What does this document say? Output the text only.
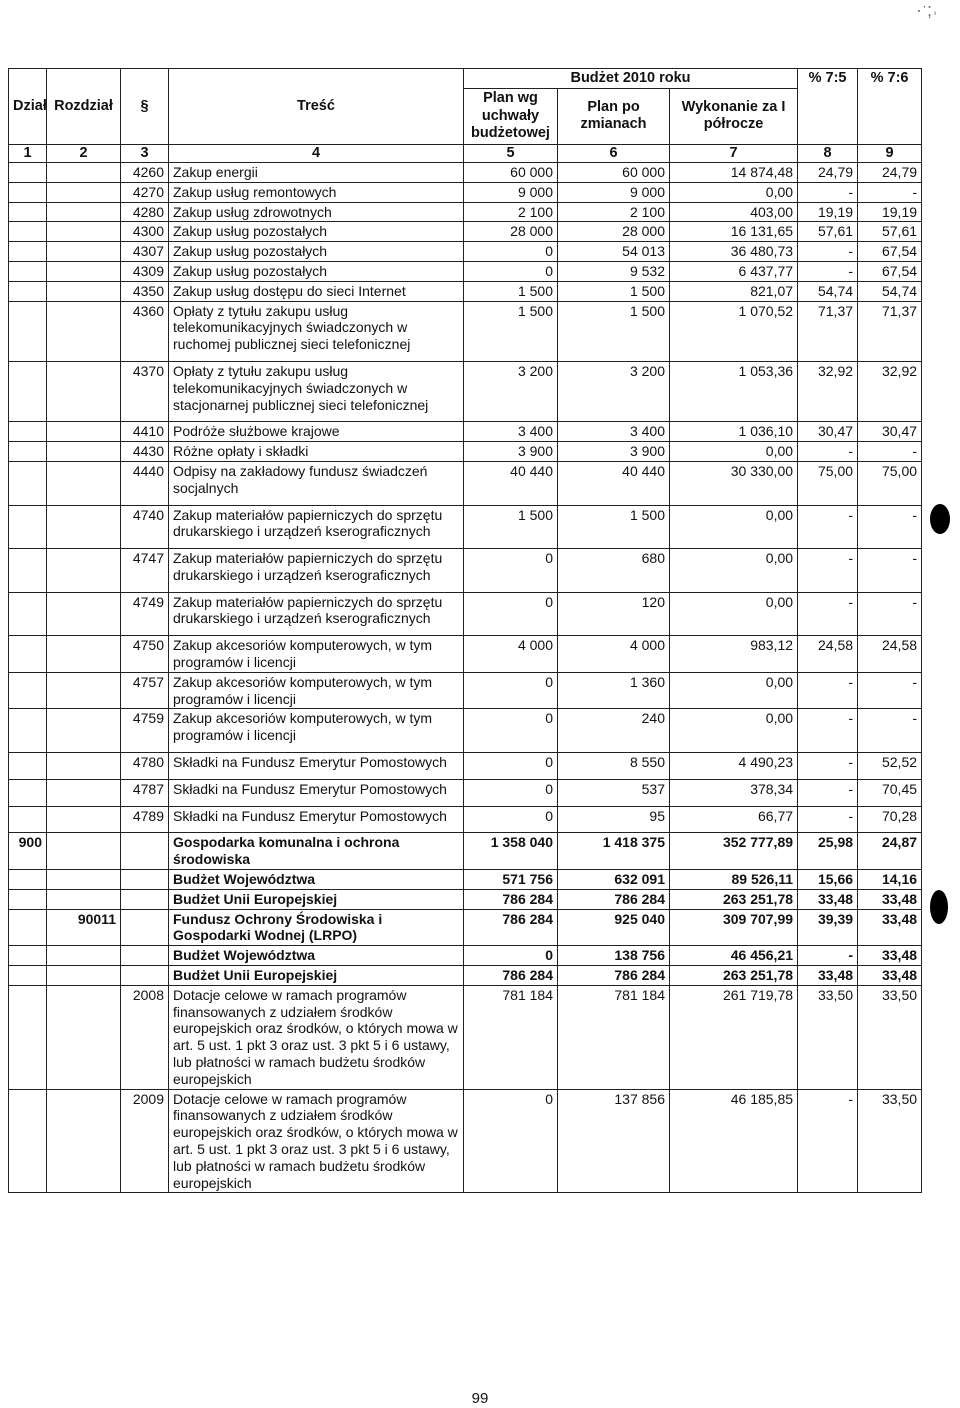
·ˑ;˒
Dział	Rozdział	§	Treść	Budżet 2010 roku			% 7:5	% 7:6
				Plan wg uchwały budżetowej	Plan po zmianach	Wykonanie za I półrocze		
1	2	3	4	5	6	7	8	9
		4260	Zakup energii	60 000	60 000	14 874,48	24,79	24,79
		4270	Zakup usług remontowych	9 000	9 000	0,00	-	-
		4280	Zakup usług zdrowotnych	2 100	2 100	403,00	19,19	19,19
		4300	Zakup usług pozostałych	28 000	28 000	16 131,65	57,61	57,61
		4307	Zakup usług pozostałych	0	54 013	36 480,73	-	67,54
		4309	Zakup usług pozostałych	0	9 532	6 437,77	-	67,54
		4350	Zakup usług dostępu do sieci Internet	1 500	1 500	821,07	54,74	54,74
		4360	Opłaty z tytułu zakupu usług telekomunikacyjnych świadczonych w ruchomej publicznej sieci telefonicznej	1 500	1 500	1 070,52	71,37	71,37
		4370	Opłaty z tytułu zakupu usług telekomunikacyjnych świadczonych w stacjonarnej publicznej sieci telefonicznej	3 200	3 200	1 053,36	32,92	32,92
		4410	Podróże służbowe krajowe	3 400	3 400	1 036,10	30,47	30,47
		4430	Różne opłaty i składki	3 900	3 900	0,00	-	-
		4440	Odpisy na zakładowy fundusz świadczeń socjalnych	40 440	40 440	30 330,00	75,00	75,00
		4740	Zakup materiałów papierniczych do sprzętu drukarskiego i urządzeń kserograficznych	1 500	1 500	0,00	-	-
		4747	Zakup materiałów papierniczych do sprzętu drukarskiego i urządzeń kserograficznych	0	680	0,00	-	-
		4749	Zakup materiałów papierniczych do sprzętu drukarskiego i urządzeń kserograficznych	0	120	0,00	-	-
		4750	Zakup akcesoriów komputerowych, w tym programów i licencji	4 000	4 000	983,12	24,58	24,58
		4757	Zakup akcesoriów komputerowych, w tym programów i licencji	0	1 360	0,00	-	-
		4759	Zakup akcesoriów komputerowych, w tym programów i licencji	0	240	0,00	-	-
		4780	Składki na Fundusz Emerytur Pomostowych	0	8 550	4 490,23	-	52,52
		4787	Składki na Fundusz Emerytur Pomostowych	0	537	378,34	-	70,45
		4789	Składki na Fundusz Emerytur Pomostowych	0	95	66,77	-	70,28
900			Gospodarka komunalna i ochrona środowiska	1 358 040	1 418 375	352 777,89	25,98	24,87
			Budżet Województwa	571 756	632 091	89 526,11	15,66	14,16
			Budżet Unii Europejskiej	786 284	786 284	263 251,78	33,48	33,48
	90011		Fundusz Ochrony Środowiska i Gospodarki Wodnej (LRPO)	786 284	925 040	309 707,99	39,39	33,48
			Budżet Województwa	0	138 756	46 456,21	-	33,48
			Budżet Unii Europejskiej	786 284	786 284	263 251,78	33,48	33,48
		2008	Dotacje celowe w ramach programów finansowanych z udziałem środków europejskich oraz środków, o których mowa w art. 5 ust. 1 pkt 3 oraz ust. 3 pkt 5 i 6 ustawy, lub płatności w ramach budżetu środków europejskich	781 184	781 184	261 719,78	33,50	33,50
		2009	Dotacje celowe w ramach programów finansowanych z udziałem środków europejskich oraz środków, o których mowa w art. 5 ust. 1 pkt 3 oraz ust. 3 pkt 5 i 6 ustawy, lub płatności w ramach budżetu środków europejskich	0	137 856	46 185,85	-	33,50
99
